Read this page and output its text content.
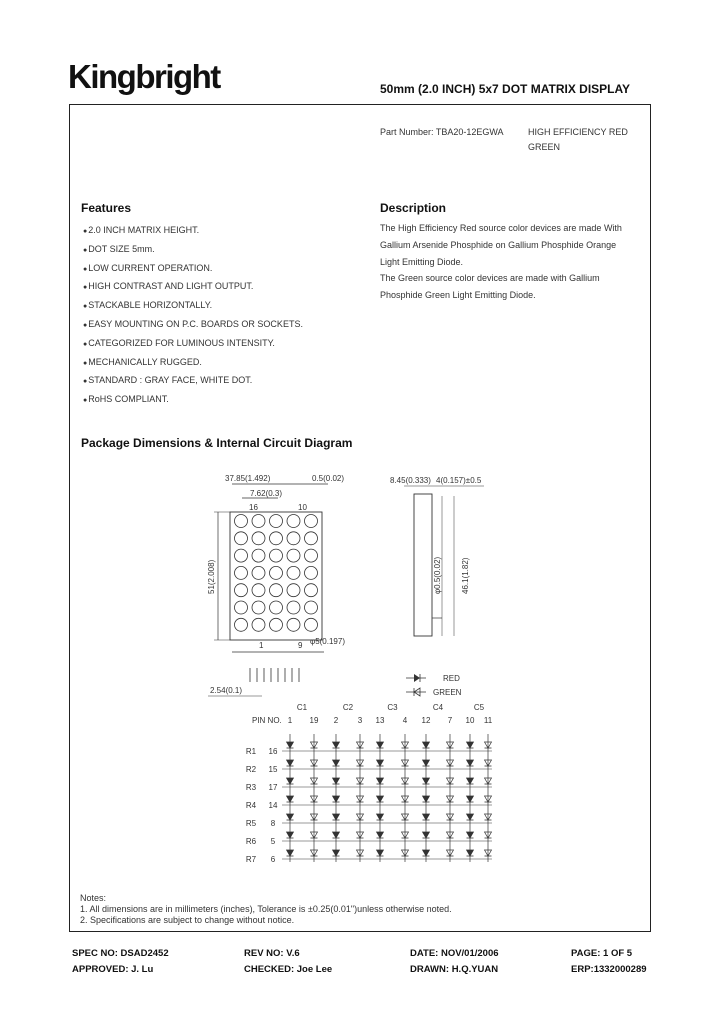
Kingbright	50mm (2.0 INCH) 5x7 DOT MATRIX DISPLAY
Part Number: TBA20-12EGWA	HIGH EFFICIENCY RED
GREEN
Features
● 2.0 INCH MATRIX HEIGHT.
● DOT SIZE 5mm.
● LOW CURRENT OPERATION.
● HIGH CONTRAST AND LIGHT OUTPUT.
● STACKABLE HORIZONTALLY.
● EASY MOUNTING ON P.C. BOARDS OR SOCKETS.
● CATEGORIZED FOR LUMINOUS INTENSITY.
● MECHANICALLY RUGGED.
● STANDARD : GRAY FACE, WHITE DOT.
● RoHS COMPLIANT.
Description
The High Efficiency Red source color devices are made With
Gallium Arsenide Phosphide on Gallium Phosphide Orange
Light Emitting Diode.
The Green source color devices are made with Gallium
Phosphide Green Light Emitting Diode.
Package Dimensions & Internal Circuit Diagram
37.85(1.492)	0.5(0.02)
7.62(0.3)
16	10
51(2.008)
1	9 φ5(0.197)
2.54(0.1)
8.45(0.333) 4(0.157)±0.5
φ0.5(0.02) 46.1(1.82)
RED
GREEN
PIN NO.
C1
1 19
C2
2 3
C3
13 4
C4
12 7
C5
10 11
R1 16
R2 15
R3 17
R4 14
R5 8
R6 5
R7 6
Notes:
1. All dimensions are in millimeters (inches), Tolerance is ±0.25(0.01")unless otherwise noted.
2. Specifications are subject to change without notice.
SPEC NO: DSAD2452	REV NO: V.6	DATE: NOV/01/2006	PAGE: 1 OF 5
APPROVED: J. Lu	CHECKED: Joe Lee	DRAWN: H.Q.YUAN	ERP:1332000289
